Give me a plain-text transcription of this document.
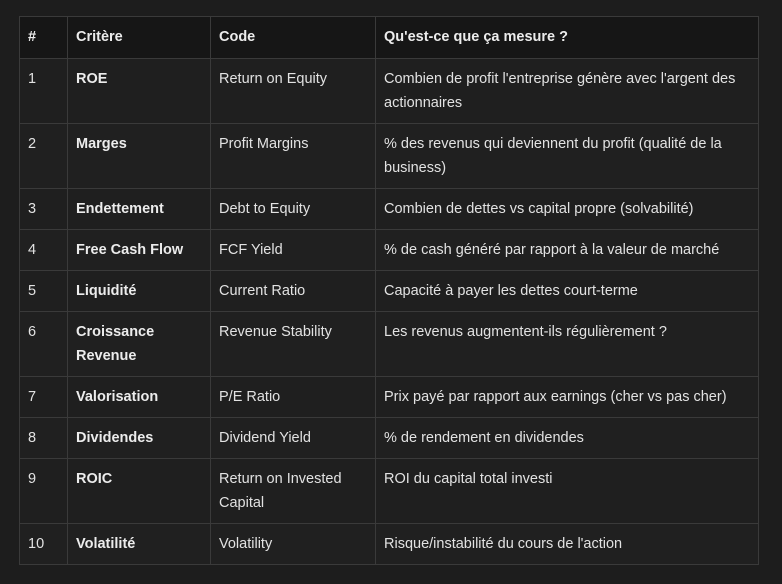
#	Critère	Code	Qu'est-ce que ça mesure ?
1	ROE	Return on Equity	Combien de profit l'entreprise génère avec l'argent des actionnaires
2	Marges	Profit Margins	% des revenus qui deviennent du profit (qualité de la business)
3	Endettement	Debt to Equity	Combien de dettes vs capital propre (solvabilité)
4	Free Cash Flow	FCF Yield	% de cash généré par rapport à la valeur de marché
5	Liquidité	Current Ratio	Capacité à payer les dettes court-terme
6	Croissance Revenue	Revenue Stability	Les revenus augmentent-ils régulièrement ?
7	Valorisation	P/E Ratio	Prix payé par rapport aux earnings (cher vs pas cher)
8	Dividendes	Dividend Yield	% de rendement en dividendes
9	ROIC	Return on Invested Capital	ROI du capital total investi
10	Volatilité	Volatility	Risque/instabilité du cours de l'action
